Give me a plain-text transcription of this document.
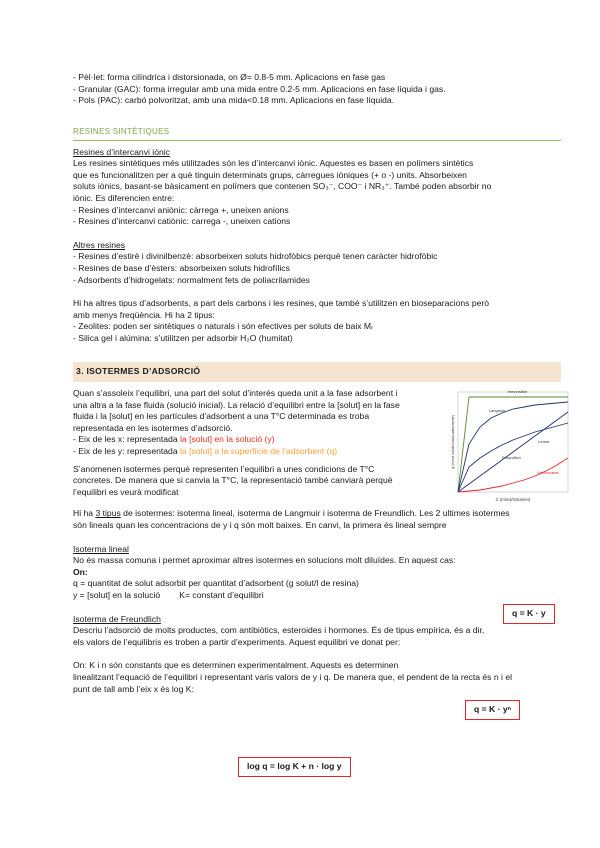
- Pèl·let: forma cilíndrica i distorsionada, on Ø= 0.8-5 mm. Aplicacions en fase gas

- Granular (GAC): forma irregular amb una mida entre 0.2-5 mm. Aplicacions en fase líquida i gas.

- Pols (PAC): carbó polvoritzat, amb una mida<0.18 mm. Aplicacions en fase líquida.

RESINES SINTÈTIQUES

Resines d’intercanvi iònic

Les resines sintètiques més utilitzades són les d’intercanvi iònic. Aquestes es basen en polímers sintètics

que es funcionalitzen per a què tinguin determinats grups, càrregues iòniques (+ o -) units. Absorbeixen

soluts iònics, basant-se bàsicament en polímers que contenen SO₃⁻, COO⁻ i NR₃⁺. També poden absorbir no

iònic. Es diferencien entre:

- Resines d’intercanvi aniònic: càrrega +, uneixen anions

- Resines d’intercanvi catiònic: carrega -, uneixen cations

Altres resines

- Resines d’estirè i divinilbenzè: absorbeixen soluts hidrofòbics perquè tenen caràcter hidrofòbic

- Resines de base d’èsters: absorbeixen soluts hidrofílics

- Adsorbents d’hidrogelats: normalment fets de poliacrilamides

Hi ha altres tipus d’adsorbents, a part dels carbons i les resines, que també s’utilitzen en bioseparacions però

amb menys freqüència. Hi ha 2 tipus:

- Zeolites: poden ser sintètiques o naturals i són efectives per soluts de baix Mᵣ

- Silica gel i alúmina: s’utilitzen per adsorbir H₂O (humitat)

3. ISOTERMES D’ADSORCIÓ

Quan s’assoleix l’equilibri, una part del solut d’interès queda unit a la fase adsorbent i

una altra a la fase fluida (solució inicial). La relació d’equilibri entre la [solut] en la fase

fluida i la [solut] en les partícules d’adsorbent a una T°C determinada es troba

representada en les isotermes d’adsorció.

- Eix de les x: representada la [solut] en la solució (y)

- Eix de les y: representada la [solut] a la superfície de l’adsorbent (q)

S’anomenen isotermes perquè representen l’equilibri a unes condicions de T°C

concretes. De manera que si canvia la T°C, la representació també canviarà perquè

l’equilibri es veurà modificat

Irreversible
Langmuir
Freundlich
Linear
Unfavorable
C (mmol/Volumen)
q (mmol soluto/masa adsorbente)

Hi ha 3 tipus de isotermes: isoterma lineal, isoterma de Langmuir i isoterma de Freundlich. Les 2 ultimes isotermes

són lineals quan les concentracions de y i q són molt baixes. En canvi, la primera és lineal sempre

Isoterma lineal

No és massa comuna i permet aproximar altres isotermes en solucions molt diluïdes. En aquest cas:

On:

q = quantitat de solut adsorbit per quantitat d’adsorbent (g solut/l de resina)

y = [solut] en la solució        K= constant d’equilibri

Isoterma de Freundlich

Descriu l’adsorció de molts productes, com antibiòtics, esteroides i hormones. És de tipus empírica, és a dir,

els valors de l’equilibris es troben a partir d’experiments. Aquest equilibri ve donat per:

On: K i n són constants que es determinen experimentalment. Aquests es determinen

linealitzant l’equació de l’equilibri i representant varis valors de y i q. De manera que, el pendent de la recta és n i el

punt de tall amb l’eix x és log K:

q = K · y
q = K · yⁿ
log q = log K + n · log y
